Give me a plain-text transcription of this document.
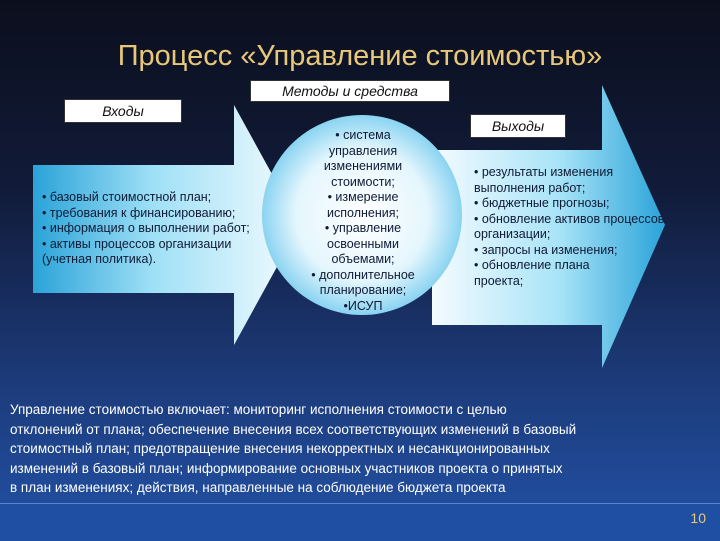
Процесс «Управление стоимостью»
Входы
Методы и средства
Выходы
• базовый стоимостной план;
• требования к финансированию;
• информация о выполнении работ;
• активы процессов организации
(учетная политика).
• система
управления
изменениями
стоимости;
• измерение
исполнения;
• управление
освоенными
объемами;
• дополнительное
планирование;
•ИСУП
• результаты изменения
выполнения работ;
• бюджетные прогнозы;
• обновление активов процессов
организации;
• запросы на изменения;
• обновление плана
проекта;
Управление стоимостью включает: мониторинг исполнения стоимости с целью
отклонений от плана; обеспечение внесения всех соответствующих изменений в базовый
стоимостный план; предотвращение внесения некорректных и несанкционированных
изменений в базовый план; информирование основных участников проекта о принятых
в план изменениях; действия, направленные на соблюдение бюджета проекта
10
